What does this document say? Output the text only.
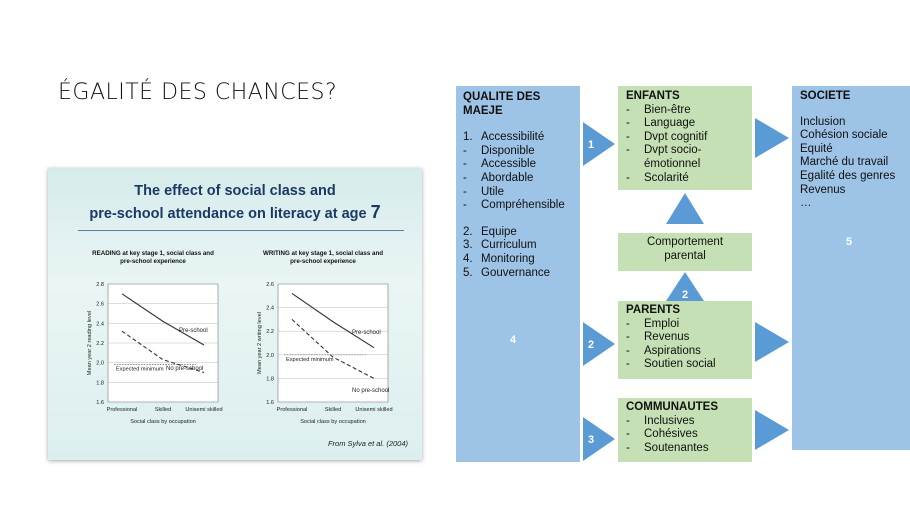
ÉGALITÉ DES CHANCES?
The effect of social class and
pre-school attendance on literacy at age 7
READING at key stage 1, social class and
pre-school experience
2.8
2.6
2.4
2.2
2.0
1.8
1.6
Professional	Skilled	Unisemi skilled
Social class by occupation
Mean year 2 reading level	Expected minimum
Pre-school
No pre-school
WRITING at key stage 1, social class and
pre-school experience
2.6
2.4
2.2
2.0
1.8
1.6
Professional	Skilled	Unisemi skilled
Social class by occupation
Mean year 2 writing level	Expected minimum
Pre-school
No pre-school
From Sylva et al. (2004)
QUALITE DES MAEJE
1. Accessibilité
-	Disponible
-	Accessible
-	Abordable
-	Utile
-	Compréhensible
2. Equipe
3. Curriculum
4. Monitoring
5. Gouvernance
4
ENFANTS
-	Bien-être
-	Language
-	Dvpt cognitif
-	Dvpt socio-
émotionnel
-	Scolarité
Comportement
parental
PARENTS
-	Emploi
-	Revenus
-	Aspirations
-	Soutien social
COMMUNAUTES
-	Inclusives
-	Cohésives
-	Soutenantes
SOCIETE
Inclusion
Cohésion sociale
Equité
Marché du travail
Egalité des genres
Revenus
…
5
1
2
3
2
